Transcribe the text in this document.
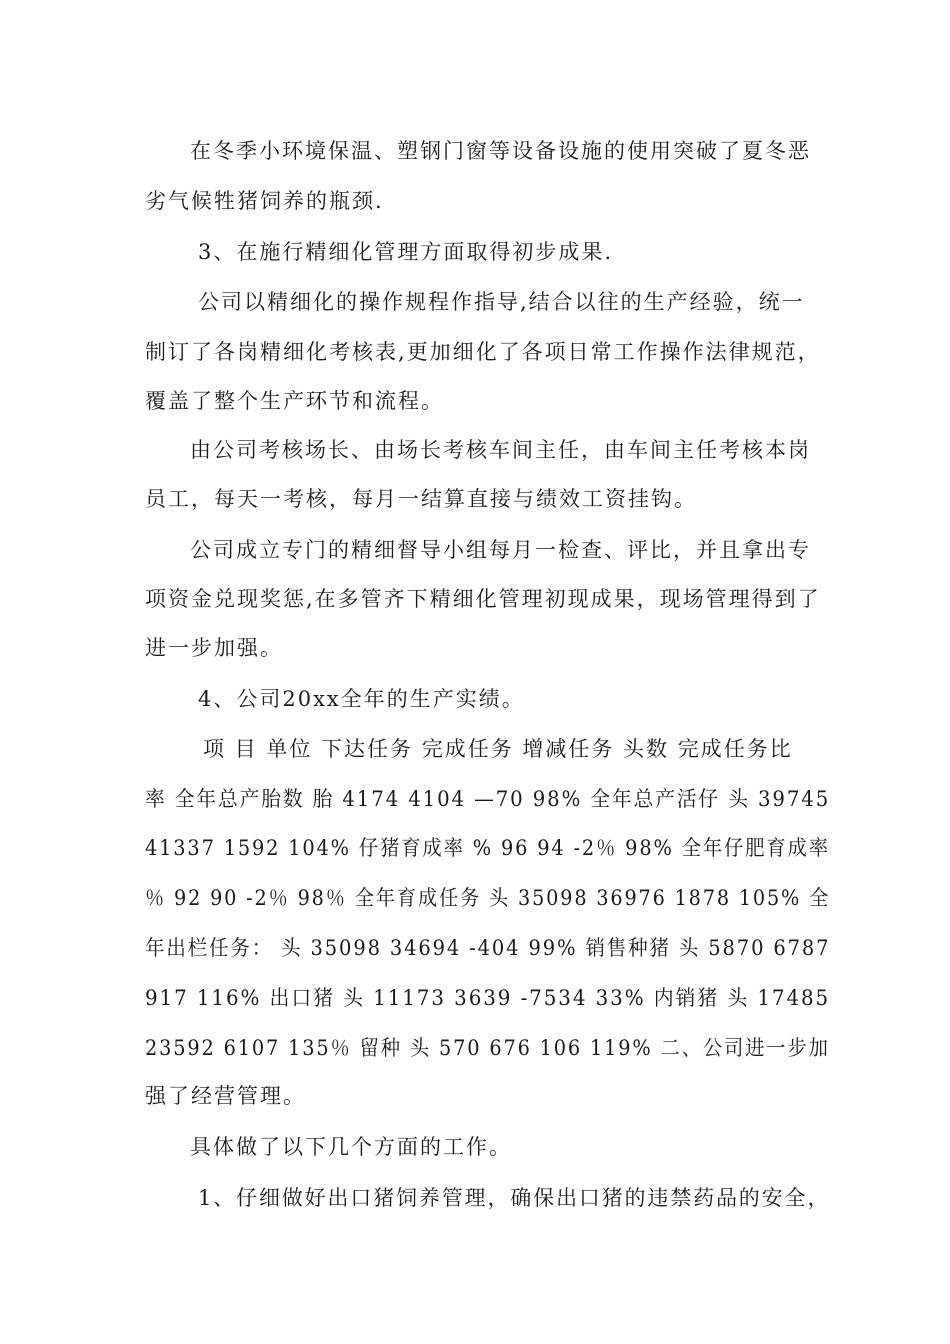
在冬季小环境保温、塑钢门窗等设备设施的使用突破了夏冬恶
劣气候牲猪饲养的瓶颈.
3、在施行精细化管理方面取得初步成果.
公司以精细化的操作规程作指导,结合以往的生产经验，统一
制订了各岗精细化考核表,更加细化了各项日常工作操作法律规范，
覆盖了整个生产环节和流程。
由公司考核场长、由场长考核车间主任，由车间主任考核本岗
员工，每天一考核，每月一结算直接与绩效工资挂钩。
公司成立专门的精细督导小组每月一检查、评比，并且拿出专
项资金兑现奖惩,在多管齐下精细化管理初现成果，现场管理得到了
进一步加强。
4、公司20xx全年的生产实绩。
项 目 单位 下达任务 完成任务 增减任务 头数 完成任务比
率 全年总产胎数 胎 4174 4104 —70 98% 全年总产活仔 头 39745
41337 1592 104% 仔猪育成率 % 96 94 -2％ 98% 全年仔肥育成率
％ 92 90 -2％ 98％ 全年育成任务 头 35098 36976 1878 105% 全
年出栏任务： 头 35098 34694 -404 99% 销售种猪 头 5870 6787
917 116% 出口猪 头 11173 3639 -7534 33% 内销猪 头 17485
23592 6107 135％ 留种 头 570 676 106 119% 二、公司进一步加
强了经营管理。
具体做了以下几个方面的工作。
1、仔细做好出口猪饲养管理，确保出口猪的违禁药品的安全，
